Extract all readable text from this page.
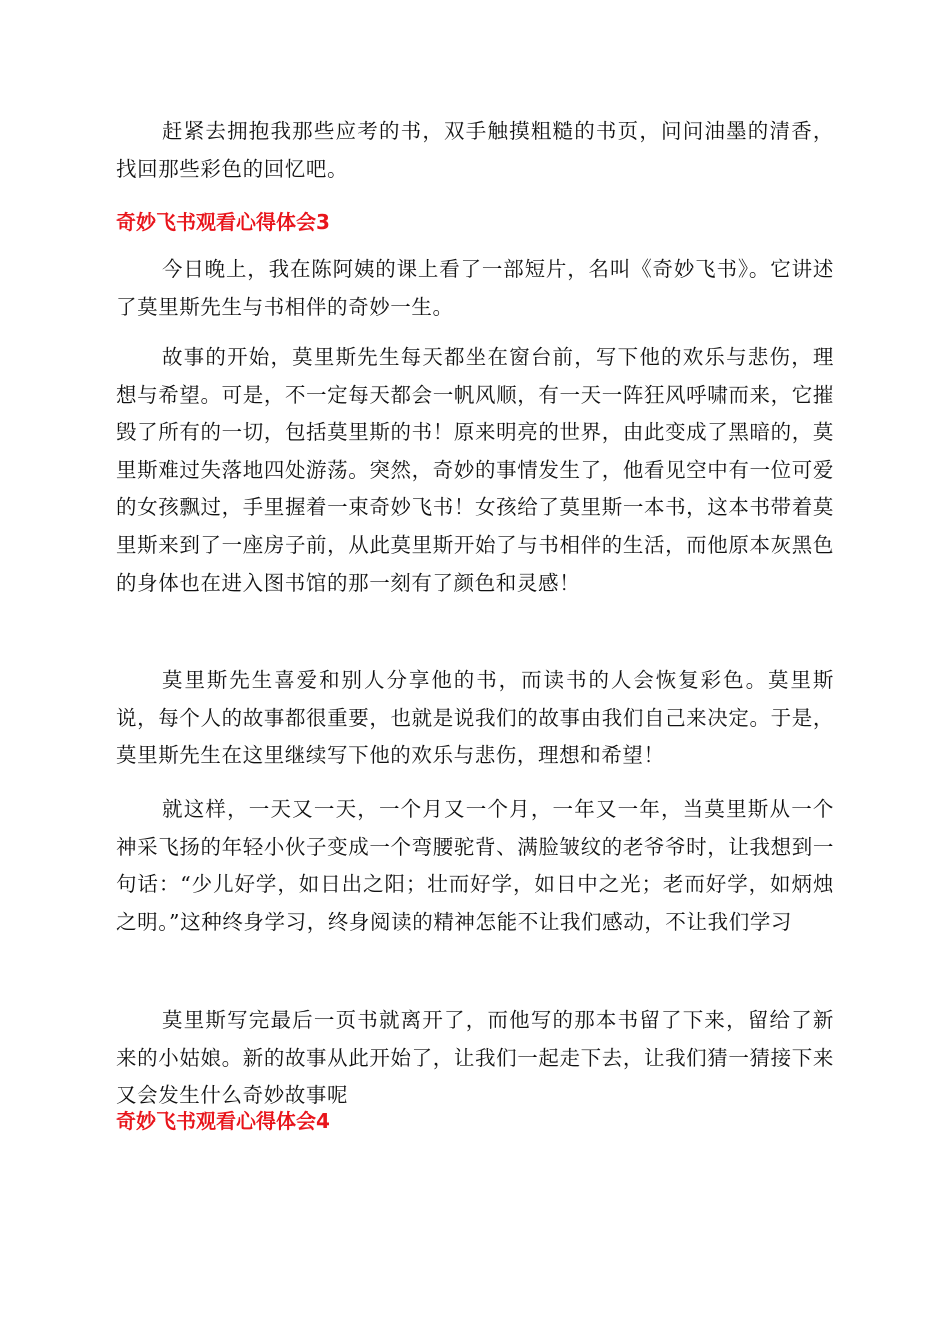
赶紧去拥抱我那些应考的书，双手触摸粗糙的书页，问问油墨的清香，找回那些彩色的回忆吧。

奇妙飞书观看心得体会3

今日晚上，我在陈阿姨的课上看了一部短片，名叫《奇妙飞书》。它讲述了莫里斯先生与书相伴的奇妙一生。

故事的开始，莫里斯先生每天都坐在窗台前，写下他的欢乐与悲伤，理想与希望。可是，不一定每天都会一帆风顺，有一天一阵狂风呼啸而来，它摧毁了所有的一切，包括莫里斯的书！原来明亮的世界，由此变成了黑暗的，莫里斯难过失落地四处游荡。突然，奇妙的事情发生了，他看见空中有一位可爱的女孩飘过，手里握着一束奇妙飞书！女孩给了莫里斯一本书，这本书带着莫里斯来到了一座房子前，从此莫里斯开始了与书相伴的生活，而他原本灰黑色的身体也在进入图书馆的那一刻有了颜色和灵感！

莫里斯先生喜爱和别人分享他的书，而读书的人会恢复彩色。莫里斯说，每个人的故事都很重要，也就是说我们的故事由我们自己来决定。于是，莫里斯先生在这里继续写下他的欢乐与悲伤，理想和希望！

就这样，一天又一天，一个月又一个月，一年又一年，当莫里斯从一个神采飞扬的年轻小伙子变成一个弯腰驼背、满脸皱纹的老爷爷时，让我想到一句话：“少儿好学，如日出之阳；壮而好学，如日中之光；老而好学，如炳烛之明。”这种终身学习，终身阅读的精神怎能不让我们感动，不让我们学习

莫里斯写完最后一页书就离开了，而他写的那本书留了下来，留给了新来的小姑娘。新的故事从此开始了，让我们一起走下去，让我们猜一猜接下来又会发生什么奇妙故事呢

奇妙飞书观看心得体会4
